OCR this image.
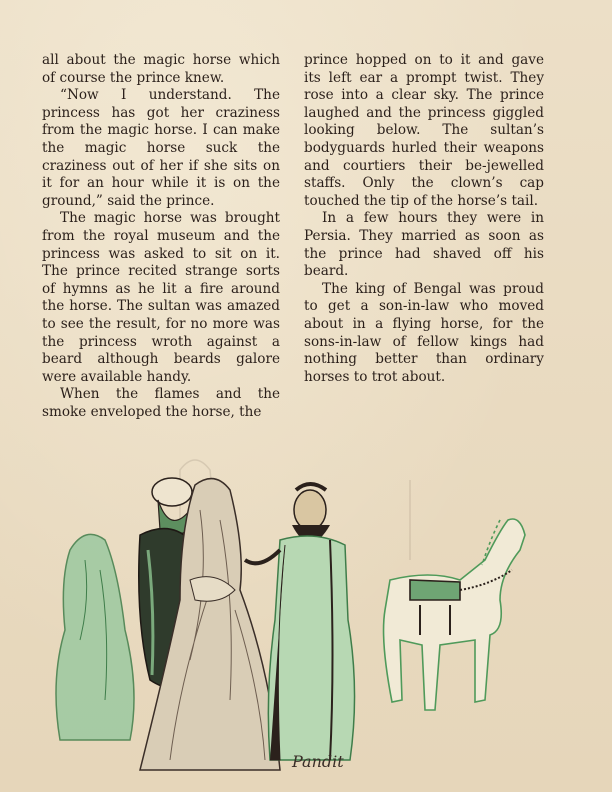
all about the magic horse which of course the prince knew.

“Now I understand. The princess has got her craziness from the magic horse. I can make the magic horse suck the craziness out of her if she sits on it for an hour while it is on the ground,” said the prince.

The magic horse was brought from the royal museum and the princess was asked to sit on it. The prince recited strange sorts of hymns as he lit a fire around the horse. The sultan was amazed to see the result, for no more was the princess wroth against a beard although beards galore were available handy.

When the flames and the smoke enveloped the horse, the

prince hopped on to it and gave its left ear a prompt twist. They rose into a clear sky. The prince laughed and the princess giggled looking below. The sultan’s bodyguards hurled their weapons and courtiers their be-jewelled staffs. Only the clown’s cap touched the tip of the horse’s tail.

In a few hours they were in Persia. They married as soon as the prince had shaved off his beard.

The king of Bengal was proud to get a son-in-law who moved about in a flying horse, for the sons-in-law of fellow kings had nothing better than ordinary horses to trot about.

Pandit
